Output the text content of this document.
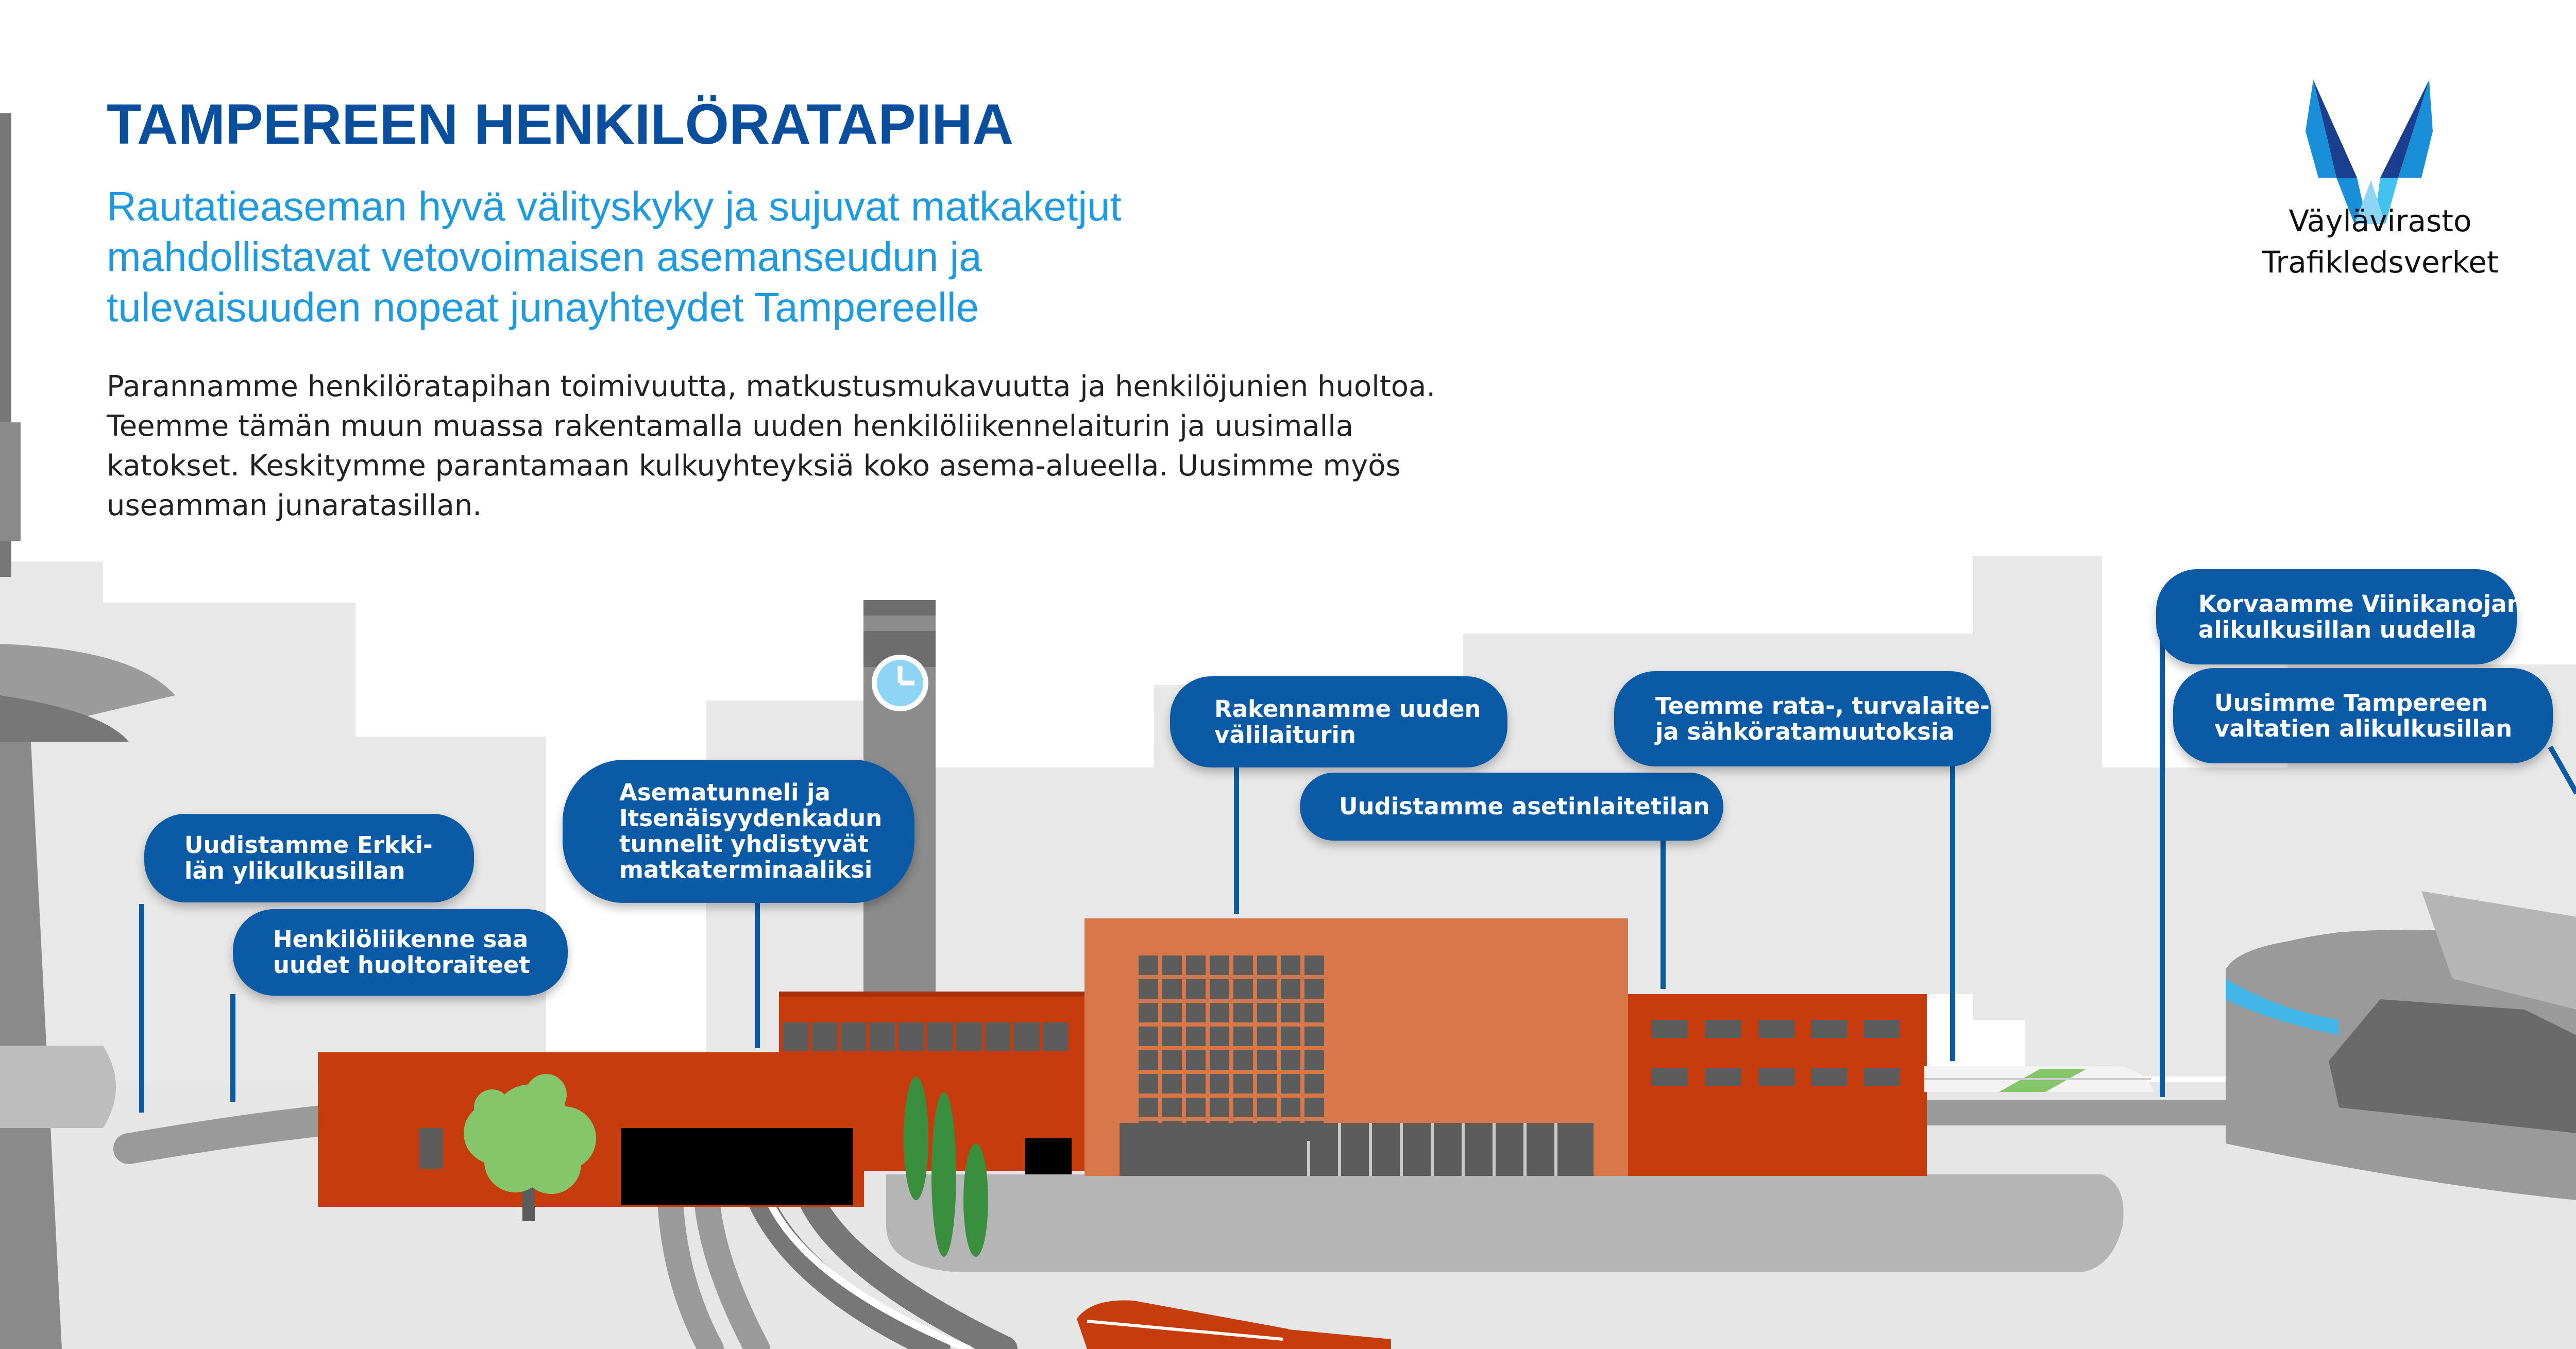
TAMPEREEN HENKILÖRATAPIHA
Rautatieaseman hyvä välityskyky ja sujuvat matkaketjut
mahdollistavat vetovoimaisen asemanseudun ja
tulevaisuuden nopeat junayhteydet Tampereelle
Parannamme henkilöratapihan toimivuutta, matkustusmukavuutta ja henkilöjunien huoltoa.
Teemme tämän muun muassa rakentamalla uuden henkilöliikennelaiturin ja uusimalla
katokset. Keskitymme parantamaan kulkuyhteyksiä koko asema-alueella. Uusimme myös
useamman junaratasillan.
Väylävirasto
Trafikledsverket
Uudistamme Erkki-
län ylikulkusillan
Henkilöliikenne saa
uudet huoltoraiteet
Asematunneli ja
Itsenäisyydenkadun
tunnelit yhdistyvät
matkaterminaaliksi
Rakennamme uuden
välilaiturin
Uudistamme asetinlaitetilan
Teemme rata-, turvalaite-
ja sähköratamuutoksia
Korvaamme Viinikanojan
alikulkusillan uudella
Uusimme Tampereen
valtatien alikulkusillan
